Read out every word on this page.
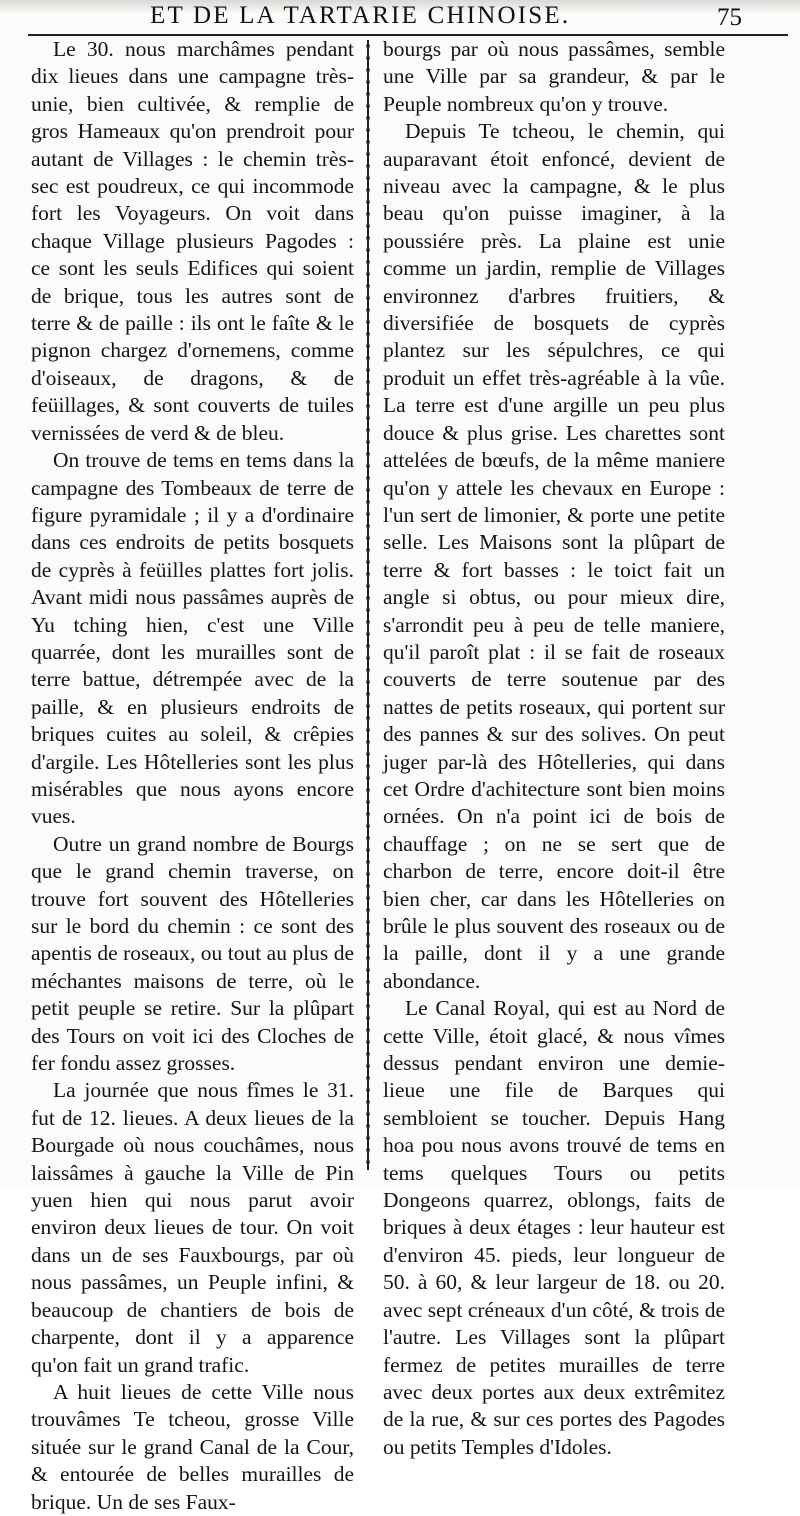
ET DE LA TARTARIE CHINOISE.	75

Le 30. nous marchâmes pendant dix lieues dans une campagne très-unie, bien cultivée, & remplie de gros Hameaux qu'on prendroit pour autant de Villages : le chemin très-sec est poudreux, ce qui incommode fort les Voyageurs. On voit dans chaque Village plusieurs Pagodes : ce sont les seuls Edifices qui soient de brique, tous les autres sont de terre & de paille : ils ont le faîte & le pignon chargez d'ornemens, comme d'oiseaux, de dragons, & de feüillages, & sont couverts de tuiles vernissées de verd & de bleu.

On trouve de tems en tems dans la campagne des Tombeaux de terre de figure pyramidale ; il y a d'ordinaire dans ces endroits de petits bosquets de cyprès à feüilles plattes fort jolis. Avant midi nous passâmes auprès de Yu tching hien, c'est une Ville quarrée, dont les murailles sont de terre battue, détrempée avec de la paille, & en plusieurs endroits de briques cuites au soleil, & crêpies d'argile. Les Hôtelleries sont les plus misérables que nous ayons encore vues.

Outre un grand nombre de Bourgs que le grand chemin traverse, on trouve fort souvent des Hôtelleries sur le bord du chemin : ce sont des apentis de roseaux, ou tout au plus de méchantes maisons de terre, où le petit peuple se retire. Sur la plûpart des Tours on voit ici des Cloches de fer fondu assez grosses.

La journée que nous fîmes le 31. fut de 12. lieues. A deux lieues de la Bourgade où nous couchâmes, nous laissâmes à gauche la Ville de Pin yuen hien qui nous parut avoir environ deux lieues de tour. On voit dans un de ses Fauxbourgs, par où nous passâmes, un Peuple infini, & beaucoup de chantiers de bois de charpente, dont il y a apparence qu'on fait un grand trafic.

A huit lieues de cette Ville nous trouvâmes Te tcheou, grosse Ville située sur le grand Canal de la Cour, & entourée de belles murailles de brique. Un de ses Faux-

bourgs par où nous passâmes, semble une Ville par sa grandeur, & par le Peuple nombreux qu'on y trouve.

Depuis Te tcheou, le chemin, qui auparavant étoit enfoncé, devient de niveau avec la campagne, & le plus beau qu'on puisse imaginer, à la poussiére près. La plaine est unie comme un jardin, remplie de Villages environnez d'arbres fruitiers, & diversifiée de bosquets de cyprès plantez sur les sépulchres, ce qui produit un effet très-agréable à la vûe. La terre est d'une argille un peu plus douce & plus grise. Les charettes sont attelées de bœufs, de la même maniere qu'on y attele les chevaux en Europe : l'un sert de limonier, & porte une petite selle. Les Maisons sont la plûpart de terre & fort basses : le toict fait un angle si obtus, ou pour mieux dire, s'arrondit peu à peu de telle maniere, qu'il paroît plat : il se fait de roseaux couverts de terre soutenue par des nattes de petits roseaux, qui portent sur des pannes & sur des solives. On peut juger par-là des Hôtelleries, qui dans cet Ordre d'achitecture sont bien moins ornées. On n'a point ici de bois de chauffage ; on ne se sert que de charbon de terre, encore doit-il être bien cher, car dans les Hôtelleries on brûle le plus souvent des roseaux ou de la paille, dont il y a une grande abondance.

Le Canal Royal, qui est au Nord de cette Ville, étoit glacé, & nous vîmes dessus pendant environ une demie-lieue une file de Barques qui sembloient se toucher. Depuis Hang hoa pou nous avons trouvé de tems en tems quelques Tours ou petits Dongeons quarrez, oblongs, faits de briques à deux étages : leur hauteur est d'environ 45. pieds, leur longueur de 50. à 60, & leur largeur de 18. ou 20. avec sept créneaux d'un côté, & trois de l'autre. Les Villages sont la plûpart fermez de petites murailles de terre avec deux portes aux deux extrêmitez de la rue, & sur ces portes des Pagodes ou petits Temples d'Idoles.
